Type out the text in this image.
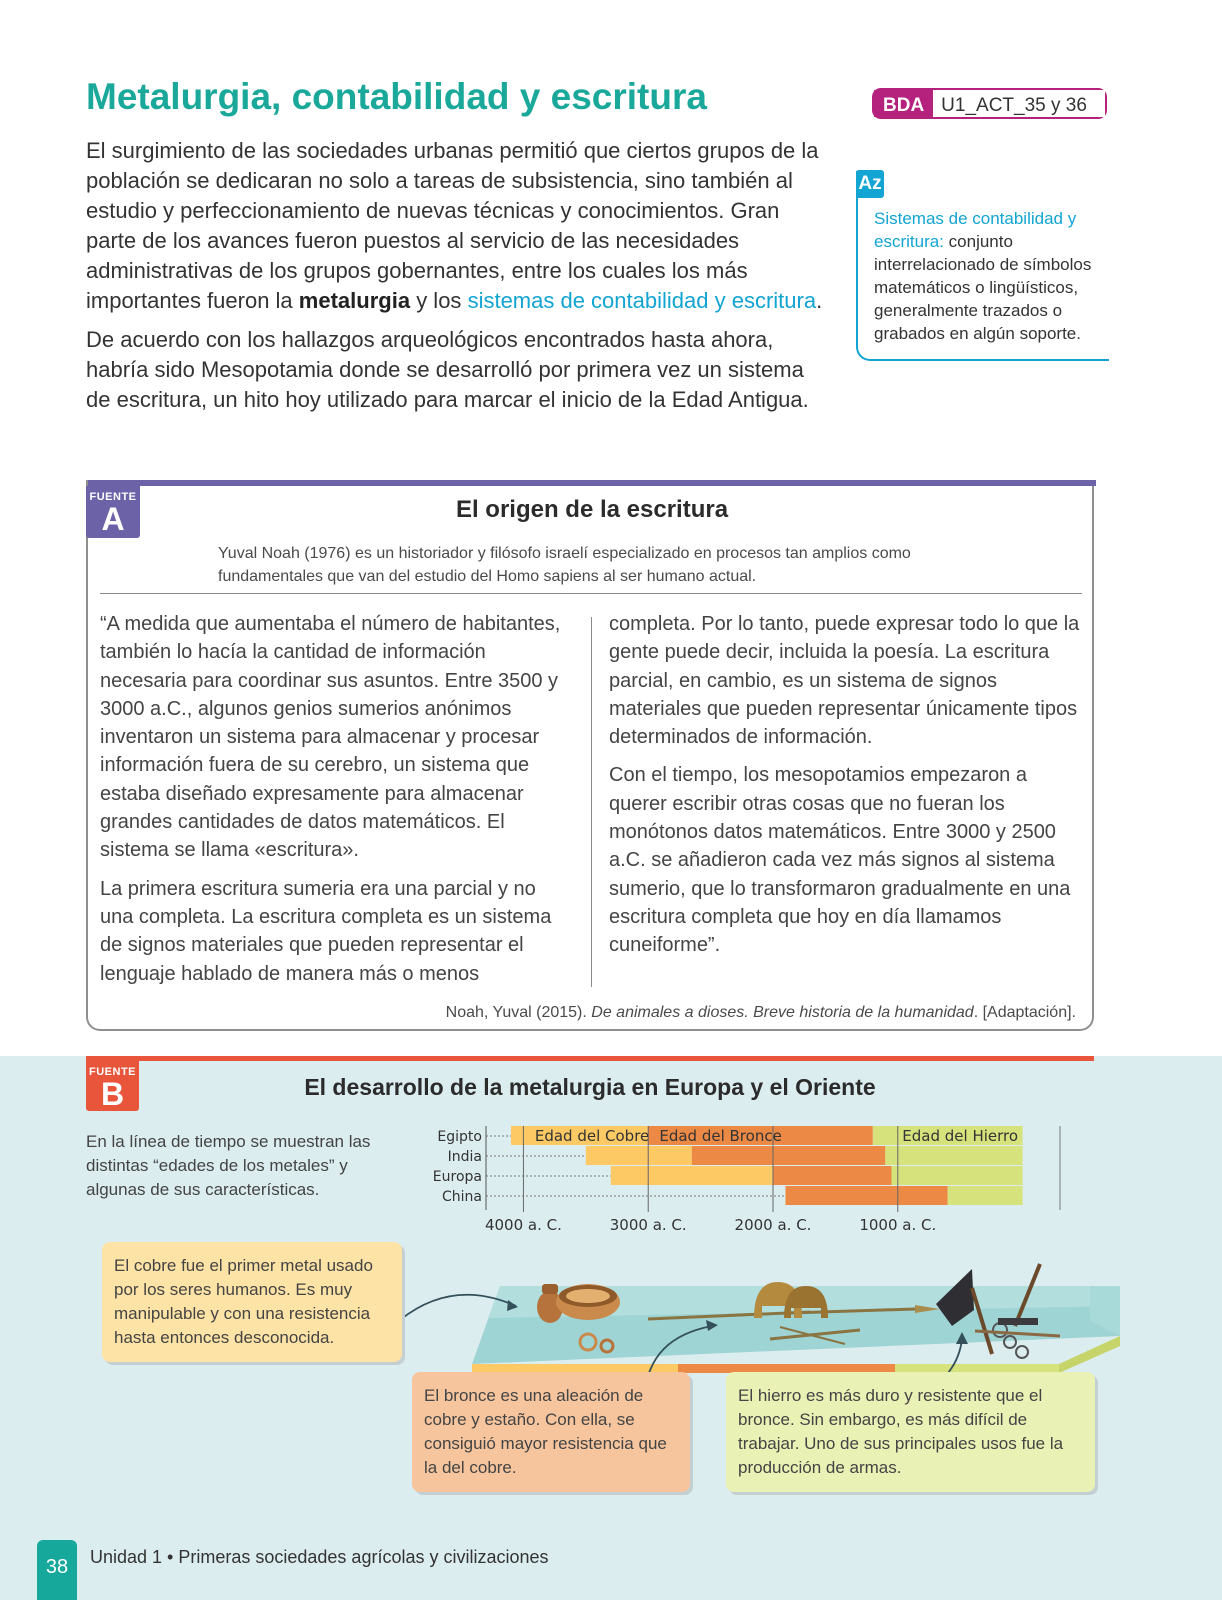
Metalurgia, contabilidad y escritura	BDA U1_ACT_35 y 36

El surgimiento de las sociedades urbanas permitió que ciertos grupos de la población se dedicaran no solo a tareas de subsistencia, sino también al estudio y perfeccionamiento de nuevas técnicas y conocimientos. Gran parte de los avances fueron puestos al servicio de las necesidades administrativas de los grupos gobernantes, entre los cuales los más importantes fueron la metalurgia y los sistemas de contabilidad y escritura.

De acuerdo con los hallazgos arqueológicos encontrados hasta ahora, habría sido Mesopotamia donde se desarrolló por primera vez un sistema de escritura, un hito hoy utilizado para marcar el inicio de la Edad Antigua.

Az
Sistemas de contabilidad y escritura: conjunto interrelacionado de símbolos matemáticos o lingüísticos, generalmente trazados o grabados en algún soporte.
FUENTE
A	El origen de la escritura

Yuval Noah (1976) es un historiador y filósofo israelí especializado en procesos tan amplios como fundamentales que van del estudio del Homo sapiens al ser humano actual.

“A medida que aumentaba el número de habitantes, también lo hacía la cantidad de información necesaria para coordinar sus asuntos. Entre 3500 y 3000 a.C., algunos genios sumerios anónimos inventaron un sistema para almacenar y procesar información fuera de su cerebro, un sistema que estaba diseñado expresamente para almacenar grandes cantidades de datos matemáticos. El sistema se llama «escritura».

La primera escritura sumeria era una parcial y no una completa. La escritura completa es un sistema de signos materiales que pueden representar el lenguaje hablado de manera más o menos

completa. Por lo tanto, puede expresar todo lo que la gente puede decir, incluida la poesía. La escritura parcial, en cambio, es un sistema de signos materiales que pueden representar únicamente tipos determinados de información.

Con el tiempo, los mesopotamios empezaron a querer escribir otras cosas que no fueran los monótonos datos matemáticos. Entre 3000 y 2500 a.C. se añadieron cada vez más signos al sistema sumerio, que lo transformaron gradualmente en una escritura completa que hoy en día llamamos cuneiforme”.

Noah, Yuval (2015). De animales a dioses. Breve historia de la humanidad. [Adaptación].

FUENTE
B	El desarrollo de la metalurgia en Europa y el Oriente

En la línea de tiempo se muestran las distintas “edades de los metales” y algunas de sus características.

Egipto
India
Europa
China
4000 a. C.	3000 a. C.	2000 a. C.	1000 a. C.
Edad del Cobre Edad del Bronce	Edad del Hierro
El cobre fue el primer metal usado por los seres humanos. Es muy manipulable y con una resistencia hasta entonces desconocida.
El bronce es una aleación de cobre y estaño. Con ella, se consiguió mayor resistencia que la del cobre.
El hierro es más duro y resistente que el bronce. Sin embargo, es más difícil de trabajar. Uno de sus principales usos fue la producción de armas.
38	Unidad 1 • Primeras sociedades agrícolas y civilizaciones
